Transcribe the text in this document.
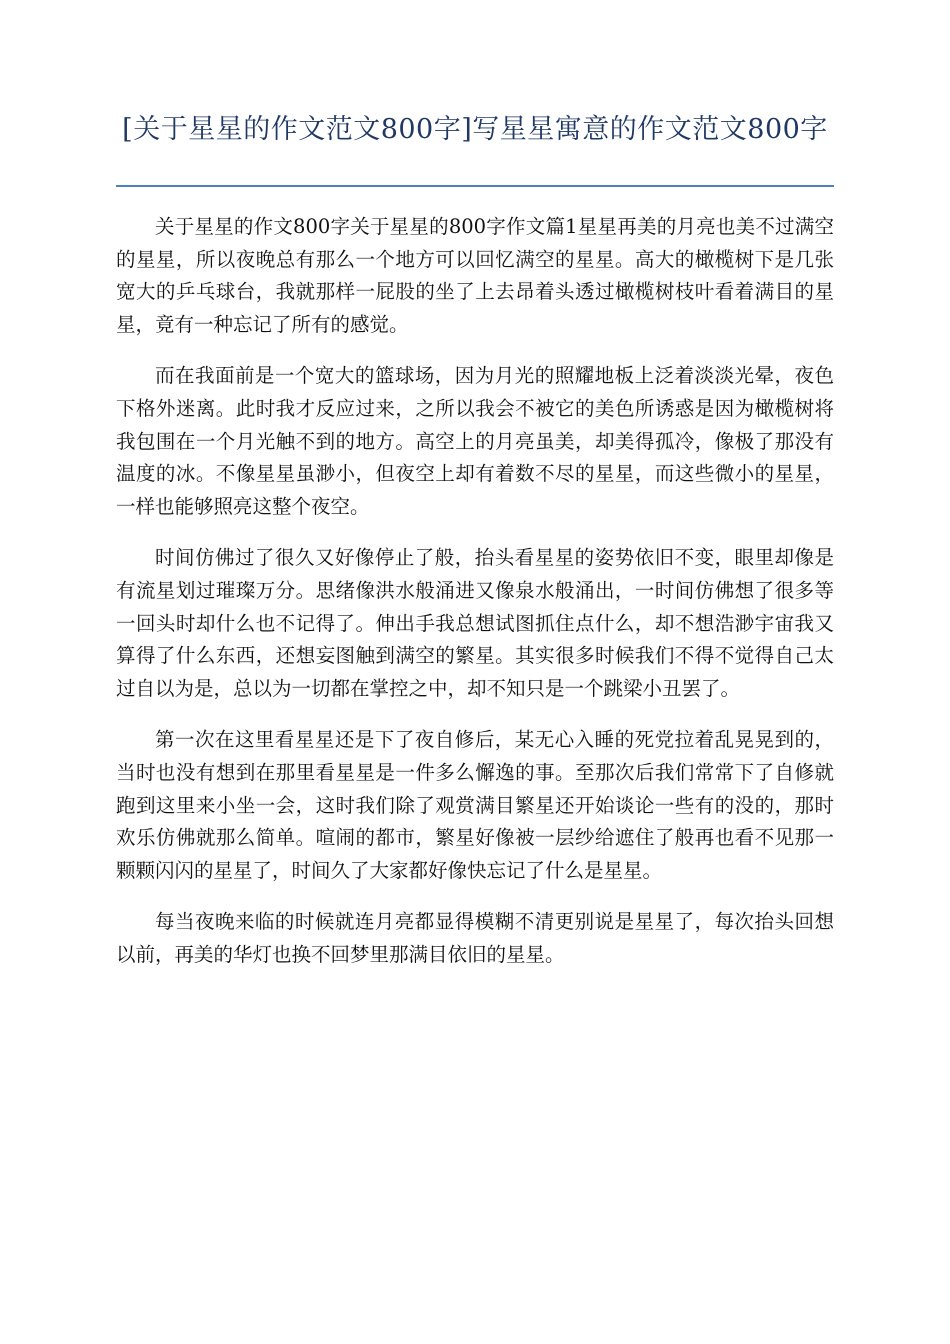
[关于星星的作文范文800字]写星星寓意的作文范文800字

关于星星的作文800字关于星星的800字作文篇1星星再美的月亮也美不过满空的星星，所以夜晚总有那么一个地方可以回忆满空的星星。高大的橄榄树下是几张宽大的乒乓球台，我就那样一屁股的坐了上去昂着头透过橄榄树枝叶看着满目的星星，竟有一种忘记了所有的感觉。

而在我面前是一个宽大的篮球场，因为月光的照耀地板上泛着淡淡光晕，夜色下格外迷离。此时我才反应过来，之所以我会不被它的美色所诱惑是因为橄榄树将我包围在一个月光触不到的地方。高空上的月亮虽美，却美得孤冷，像极了那没有温度的冰。不像星星虽渺小，但夜空上却有着数不尽的星星，而这些微小的星星，一样也能够照亮这整个夜空。

时间仿佛过了很久又好像停止了般，抬头看星星的姿势依旧不变，眼里却像是有流星划过璀璨万分。思绪像洪水般涌进又像泉水般涌出，一时间仿佛想了很多等一回头时却什么也不记得了。伸出手我总想试图抓住点什么，却不想浩渺宇宙我又算得了什么东西，还想妄图触到满空的繁星。其实很多时候我们不得不觉得自己太过自以为是，总以为一切都在掌控之中，却不知只是一个跳梁小丑罢了。

第一次在这里看星星还是下了夜自修后，某无心入睡的死党拉着乱晃晃到的，当时也没有想到在那里看星星是一件多么懈逸的事。至那次后我们常常下了自修就跑到这里来小坐一会，这时我们除了观赏满目繁星还开始谈论一些有的没的，那时欢乐仿佛就那么简单。喧闹的都市，繁星好像被一层纱给遮住了般再也看不见那一颗颗闪闪的星星了，时间久了大家都好像快忘记了什么是星星。

每当夜晚来临的时候就连月亮都显得模糊不清更别说是星星了，每次抬头回想以前，再美的华灯也换不回梦里那满目依旧的星星。
